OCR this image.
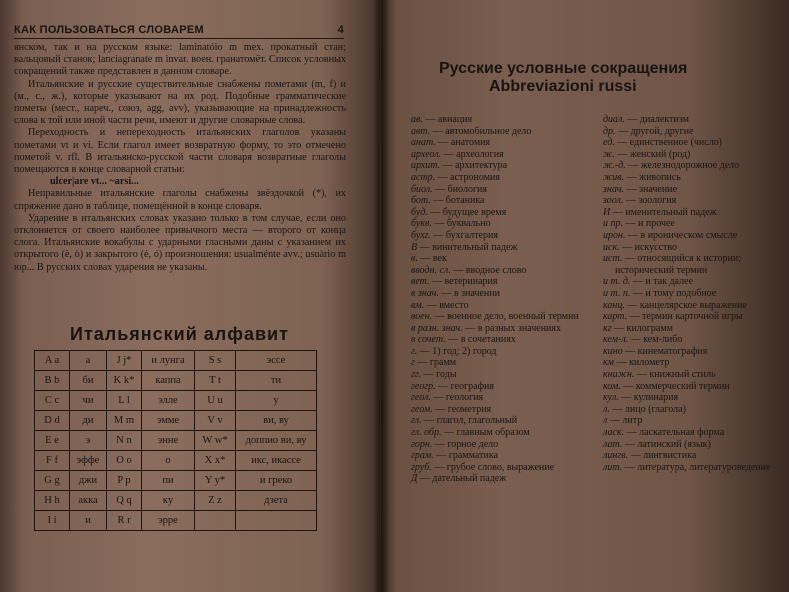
КАК ПОЛЬЗОВАТЬСЯ СЛОВАРЕМ	4

янском, так и на русском языке: laminatóio m mex. прокатный стан; вальцовый станок; lanciagranate m invar. воен. гранатомёт. Список условных сокращений также представлен в данном словаре.

Итальянские и русские существительные снабжены пометами (m, f) и (м., с., ж.), которые указывают на их род. Подобные грамматические пометы (мест., нареч., союз, agg, avv), указывающие на принадлежность слова к той или иной части речи, имеют и другие словарные слова.

Переходность и непереходность итальянских глаголов указаны пометами vt и vi. Если глагол имеет возвратную форму, то это отмечено пометой v. rfl. В итальянско-русской части словаря возвратные глаголы помещаются в конце словарной статьи:

ulcer|are vt... ~arsi...

Неправильные итальянские глаголы снабжены звёздочкой (*), их спряжение дано в таблице, помещённой в конце словаря.

Ударение в итальянских словах указано только в том случае, если оно отклоняется от своего наиболее привычного места — второго от конца слога. Итальянские вокабулы с ударными гласными даны с указанием их открытого (è, ò) и закрытого (é, ó) произношения: usualménte avv.; usuàrio m юр... В русских словах ударения не указаны.

Итальянский алфавит
A a	а	J j*	и лунга	S s	эссе
B b	би	K k*	каппа	T t	ти
C c	чи	L l	элле	U u	у
D d	ди	M m	эмме	V v	ви, ву
E e	э	N n	энне	W w*	доппио ви, ву
F f	эффе	O o	о	X x*	икс, икассе
G g	джи	P p	пи	Y y*	и греко
H h	акка	Q q	ку	Z z	дзета
I i	и	R r	эрре		
Русские условные сокращения
Abbreviazioni russi
ав. — авиация
авт. — автомобильное дело
анат. — анатомия
археол. — археология
архит. — архитектура
астр. — астрономия
биол. — биология
бот. — ботаника
буд. — будущее время
букв. — буквально
бухг. — бухгалтерия
В — винительный падеж
в. — век
вводн. сл. — вводное слово
вет. — ветеринария
в знач. — в значении
вм. — вместо
воен. — военное дело, военный термин
в разн. знач. — в разных значениях
в сочет. — в сочетаниях
г. — 1) год; 2) город
г — грамм
гг. — годы
геогр. — география
геол. — геология
геом. — геометрия
гл. — глагол, глагольный
гл. обр. — главным образом
горн. — горное дело
грам. — грамматика
груб. — грубое слово, выражение
Д — дательный падеж
диал. — диалектизм
др. — другой, другие
ед. — единственное (число)
ж. — женский (род)
ж.-д. — железнодорожное дело
жив. — живопись
знач. — значение
зоол. — зоология
И — именительный падеж
и пр. — и прочее
ирон. — в ироническом смысле
иск. — искусство
ист. — относящийся к истории; исторический термин
и т. д. — и так далее
и т. п. — и тому подобное
канц. — канцелярское выражение
карт. — термин карточной игры
кг — килограмм
кем-л. — кем-либо
кино — кинематография
км — километр
книжн. — книжный стиль
ком. — коммерческий термин
кул. — кулинария
л. — лицо (глагола)
л — литр
ласк. — ласкательная форма
лат. — латинский (язык)
лингв. — лингвистика
лит. — литература, литературоведение
